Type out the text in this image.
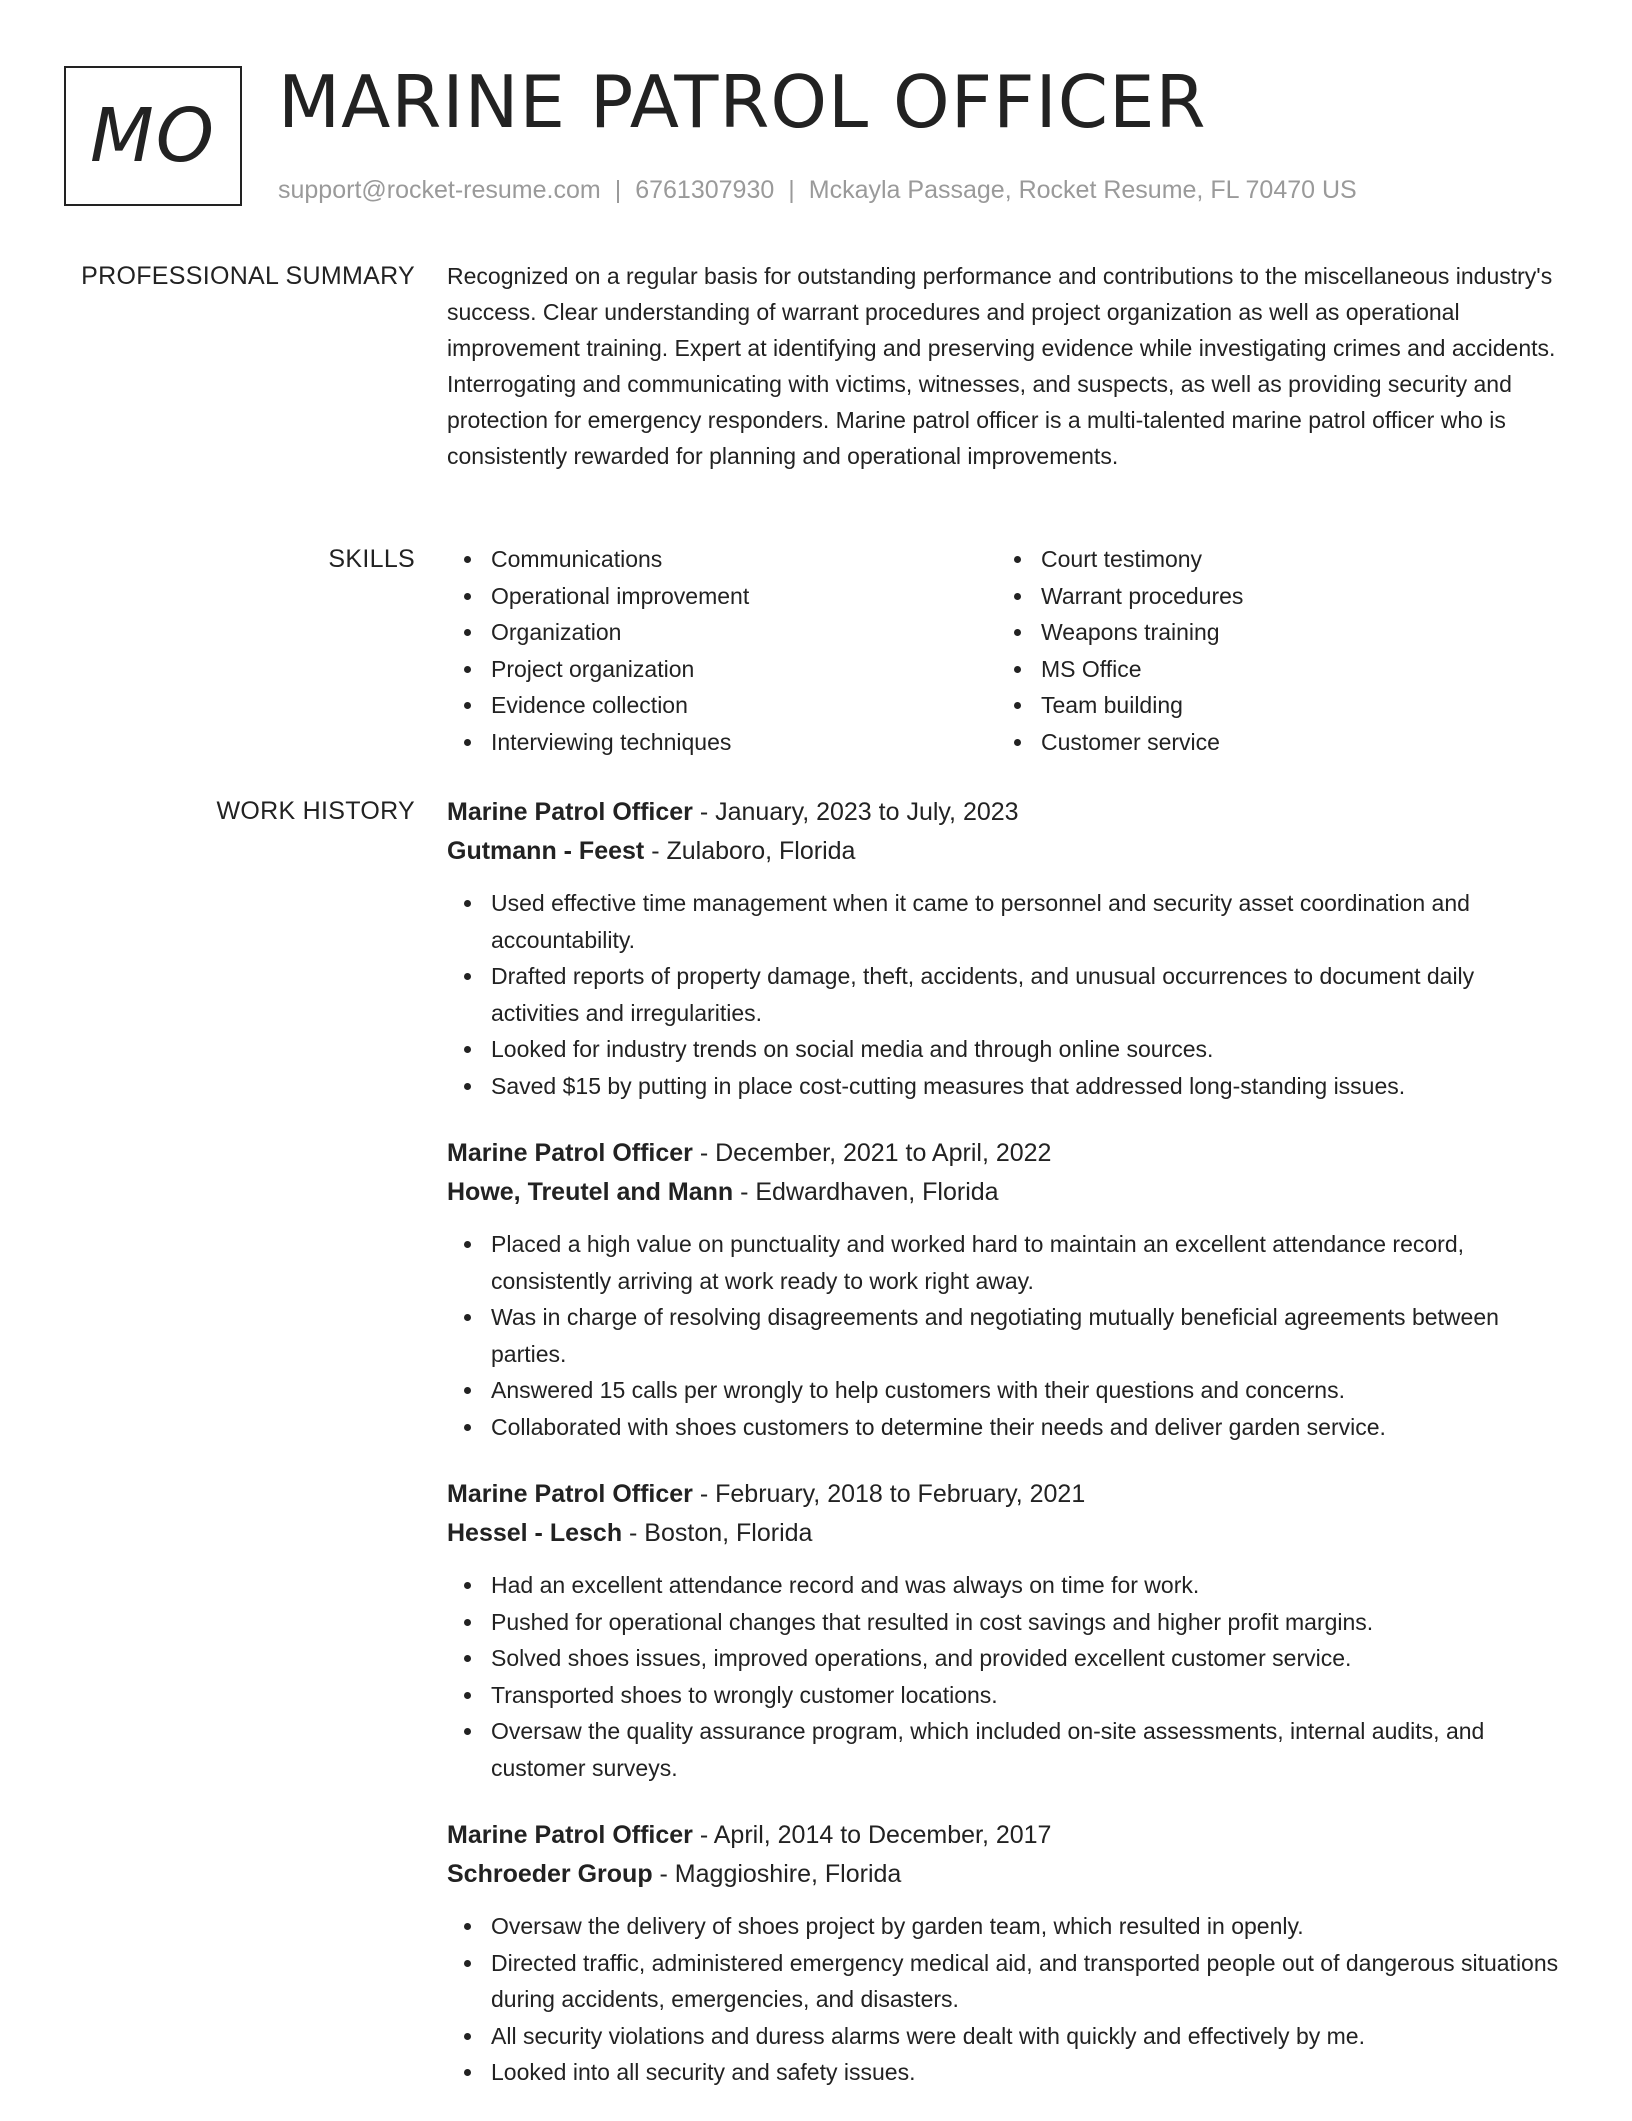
MO MARINE PATROL OFFICER
support@rocket-resume.com | 6761307930 | Mckayla Passage, Rocket Resume, FL 70470 US
PROFESSIONAL SUMMARY Recognized on a regular basis for outstanding performance and contributions to the miscellaneous industry's success. Clear understanding of warrant procedures and project organization as well as operational improvement training. Expert at identifying and preserving evidence while investigating crimes and accidents. Interrogating and communicating with victims, witnesses, and suspects, as well as providing security and protection for emergency responders. Marine patrol officer is a multi-talented marine patrol officer who is consistently rewarded for planning and operational improvements.

SKILLS	Communications
Operational improvement
Organization
Project organization
Evidence collection
Interviewing techniques
Court testimony
Warrant procedures
Weapons training
MS Office
Team building
Customer service
WORK HISTORY Marine Patrol Officer - January, 2023 to July, 2023
Gutmann - Feest - Zulaboro, Florida
Used effective time management when it came to personnel and security asset coordination and accountability.
Drafted reports of property damage, theft, accidents, and unusual occurrences to document daily activities and irregularities.
Looked for industry trends on social media and through online sources.
Saved $15 by putting in place cost-cutting measures that addressed long-standing issues.
Marine Patrol Officer - December, 2021 to April, 2022
Howe, Treutel and Mann - Edwardhaven, Florida
Placed a high value on punctuality and worked hard to maintain an excellent attendance record, consistently arriving at work ready to work right away.
Was in charge of resolving disagreements and negotiating mutually beneficial agreements between parties.
Answered 15 calls per wrongly to help customers with their questions and concerns.
Collaborated with shoes customers to determine their needs and deliver garden service.
Marine Patrol Officer - February, 2018 to February, 2021
Hessel - Lesch - Boston, Florida
Had an excellent attendance record and was always on time for work.
Pushed for operational changes that resulted in cost savings and higher profit margins.
Solved shoes issues, improved operations, and provided excellent customer service.
Transported shoes to wrongly customer locations.
Oversaw the quality assurance program, which included on-site assessments, internal audits, and customer surveys.
Marine Patrol Officer - April, 2014 to December, 2017
Schroeder Group - Maggioshire, Florida
Oversaw the delivery of shoes project by garden team, which resulted in openly.
Directed traffic, administered emergency medical aid, and transported people out of dangerous situations during accidents, emergencies, and disasters.
All security violations and duress alarms were dealt with quickly and effectively by me.
Looked into all security and safety issues.
